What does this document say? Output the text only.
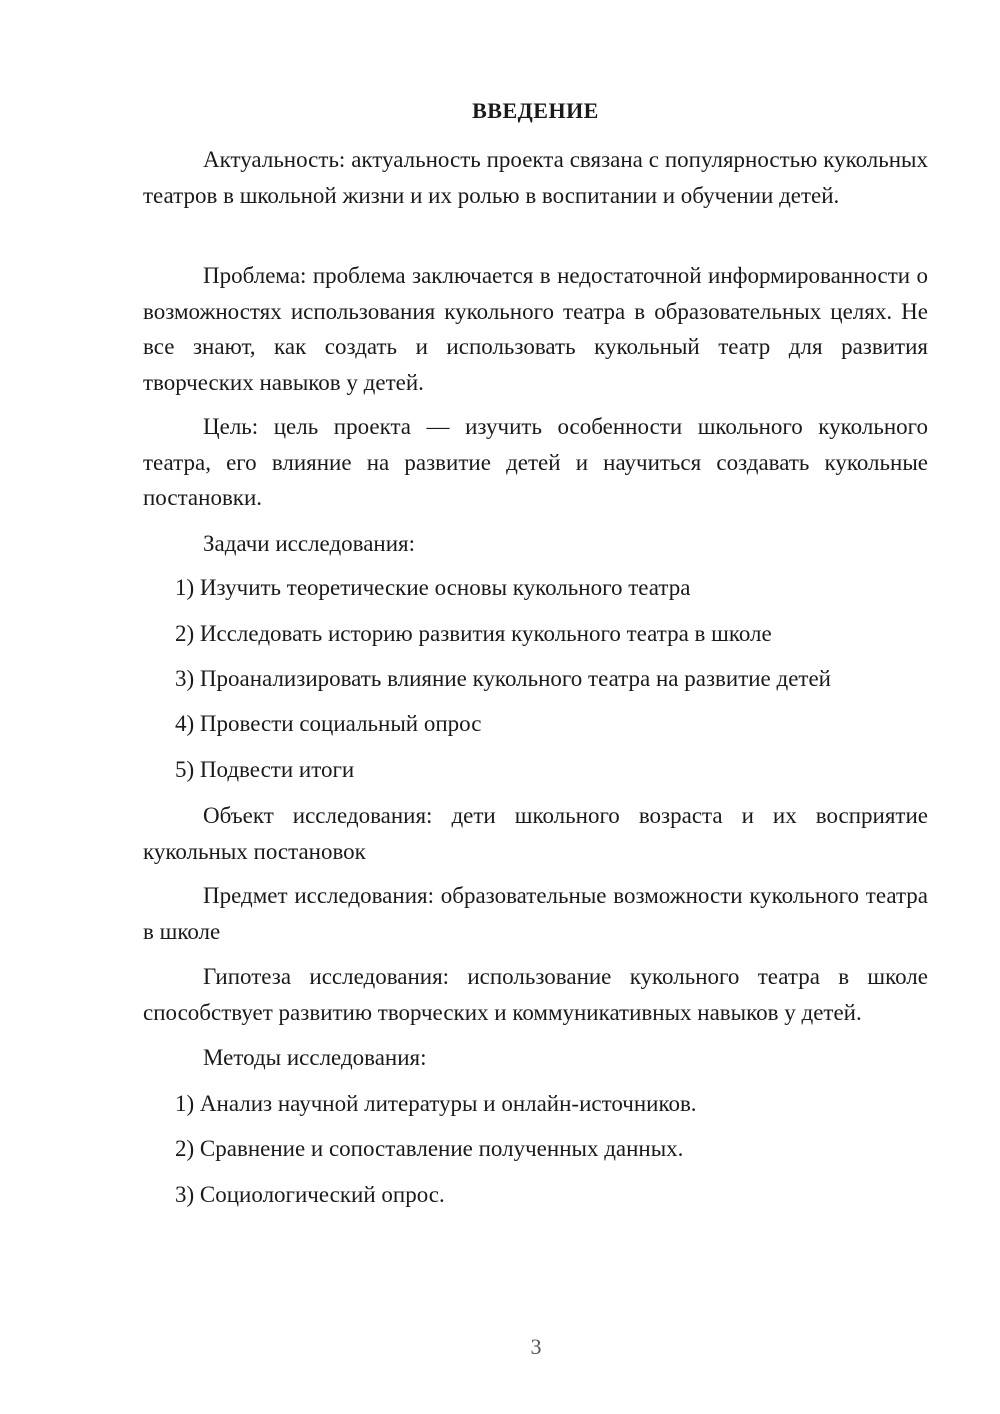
ВВЕДЕНИЕ

Актуальность: актуальность проекта связана с популярностью кукольных театров в школьной жизни и их ролью в воспитании и обучении детей.

Проблема: проблема заключается в недостаточной информированности о возможностях использования кукольного театра в образовательных целях. Не все знают, как создать и использовать кукольный театр для развития творческих навыков у детей.

Цель: цель проекта — изучить особенности школьного кукольного театра, его влияние на развитие детей и научиться создавать кукольные постановки.

Задачи исследования:

1) Изучить теоретические основы кукольного театра

2) Исследовать историю развития кукольного театра в школе

3) Проанализировать влияние кукольного театра на развитие детей

4) Провести социальный опрос

5) Подвести итоги

Объект исследования: дети школьного возраста и их восприятие кукольных постановок

Предмет исследования: образовательные возможности кукольного театра в школе

Гипотеза исследования: использование кукольного театра в школе способствует развитию творческих и коммуникативных навыков у детей.

Методы исследования:

1) Анализ научной литературы и онлайн-источников.

2) Сравнение и сопоставление полученных данных.

3) Социологический опрос.

3
